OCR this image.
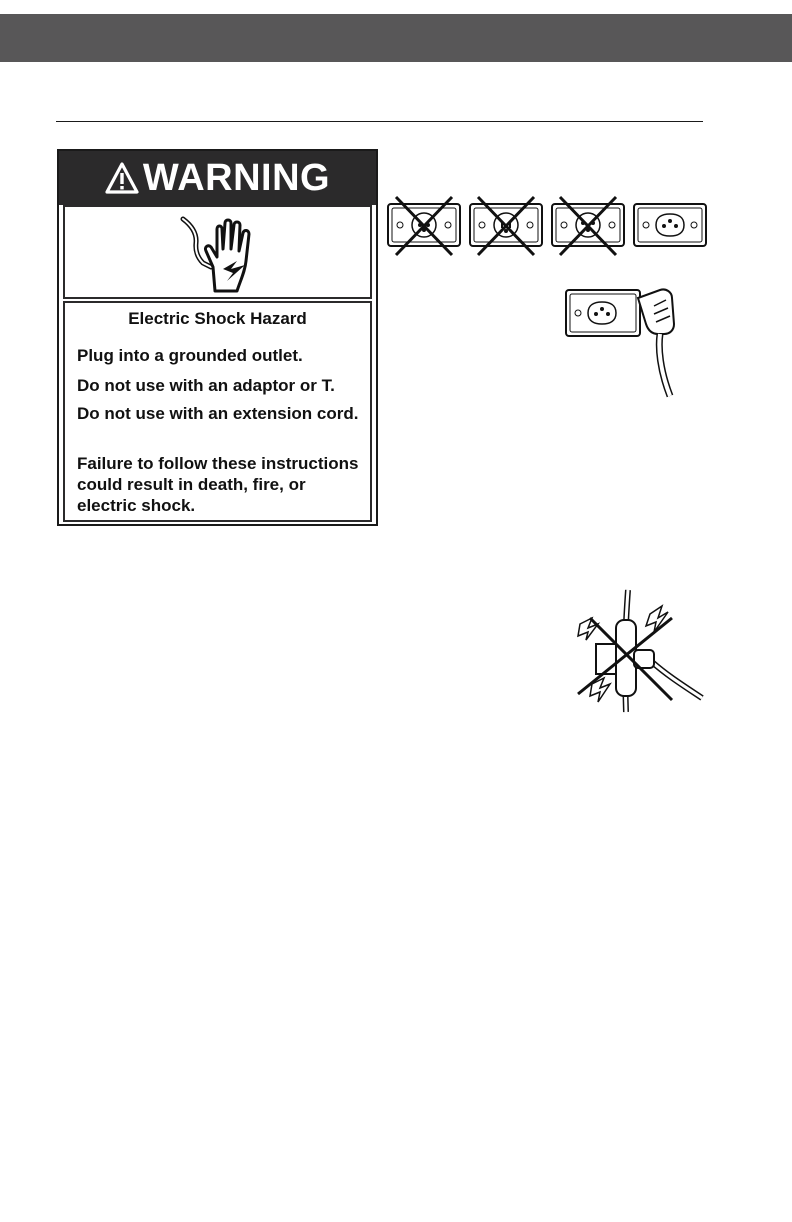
WARNING
Electric Shock Hazard
Plug into a grounded outlet.
Do not use with an adaptor or T.
Do not use with an extension cord.
Failure to follow these instructions could result in death, fire, or electric shock.
